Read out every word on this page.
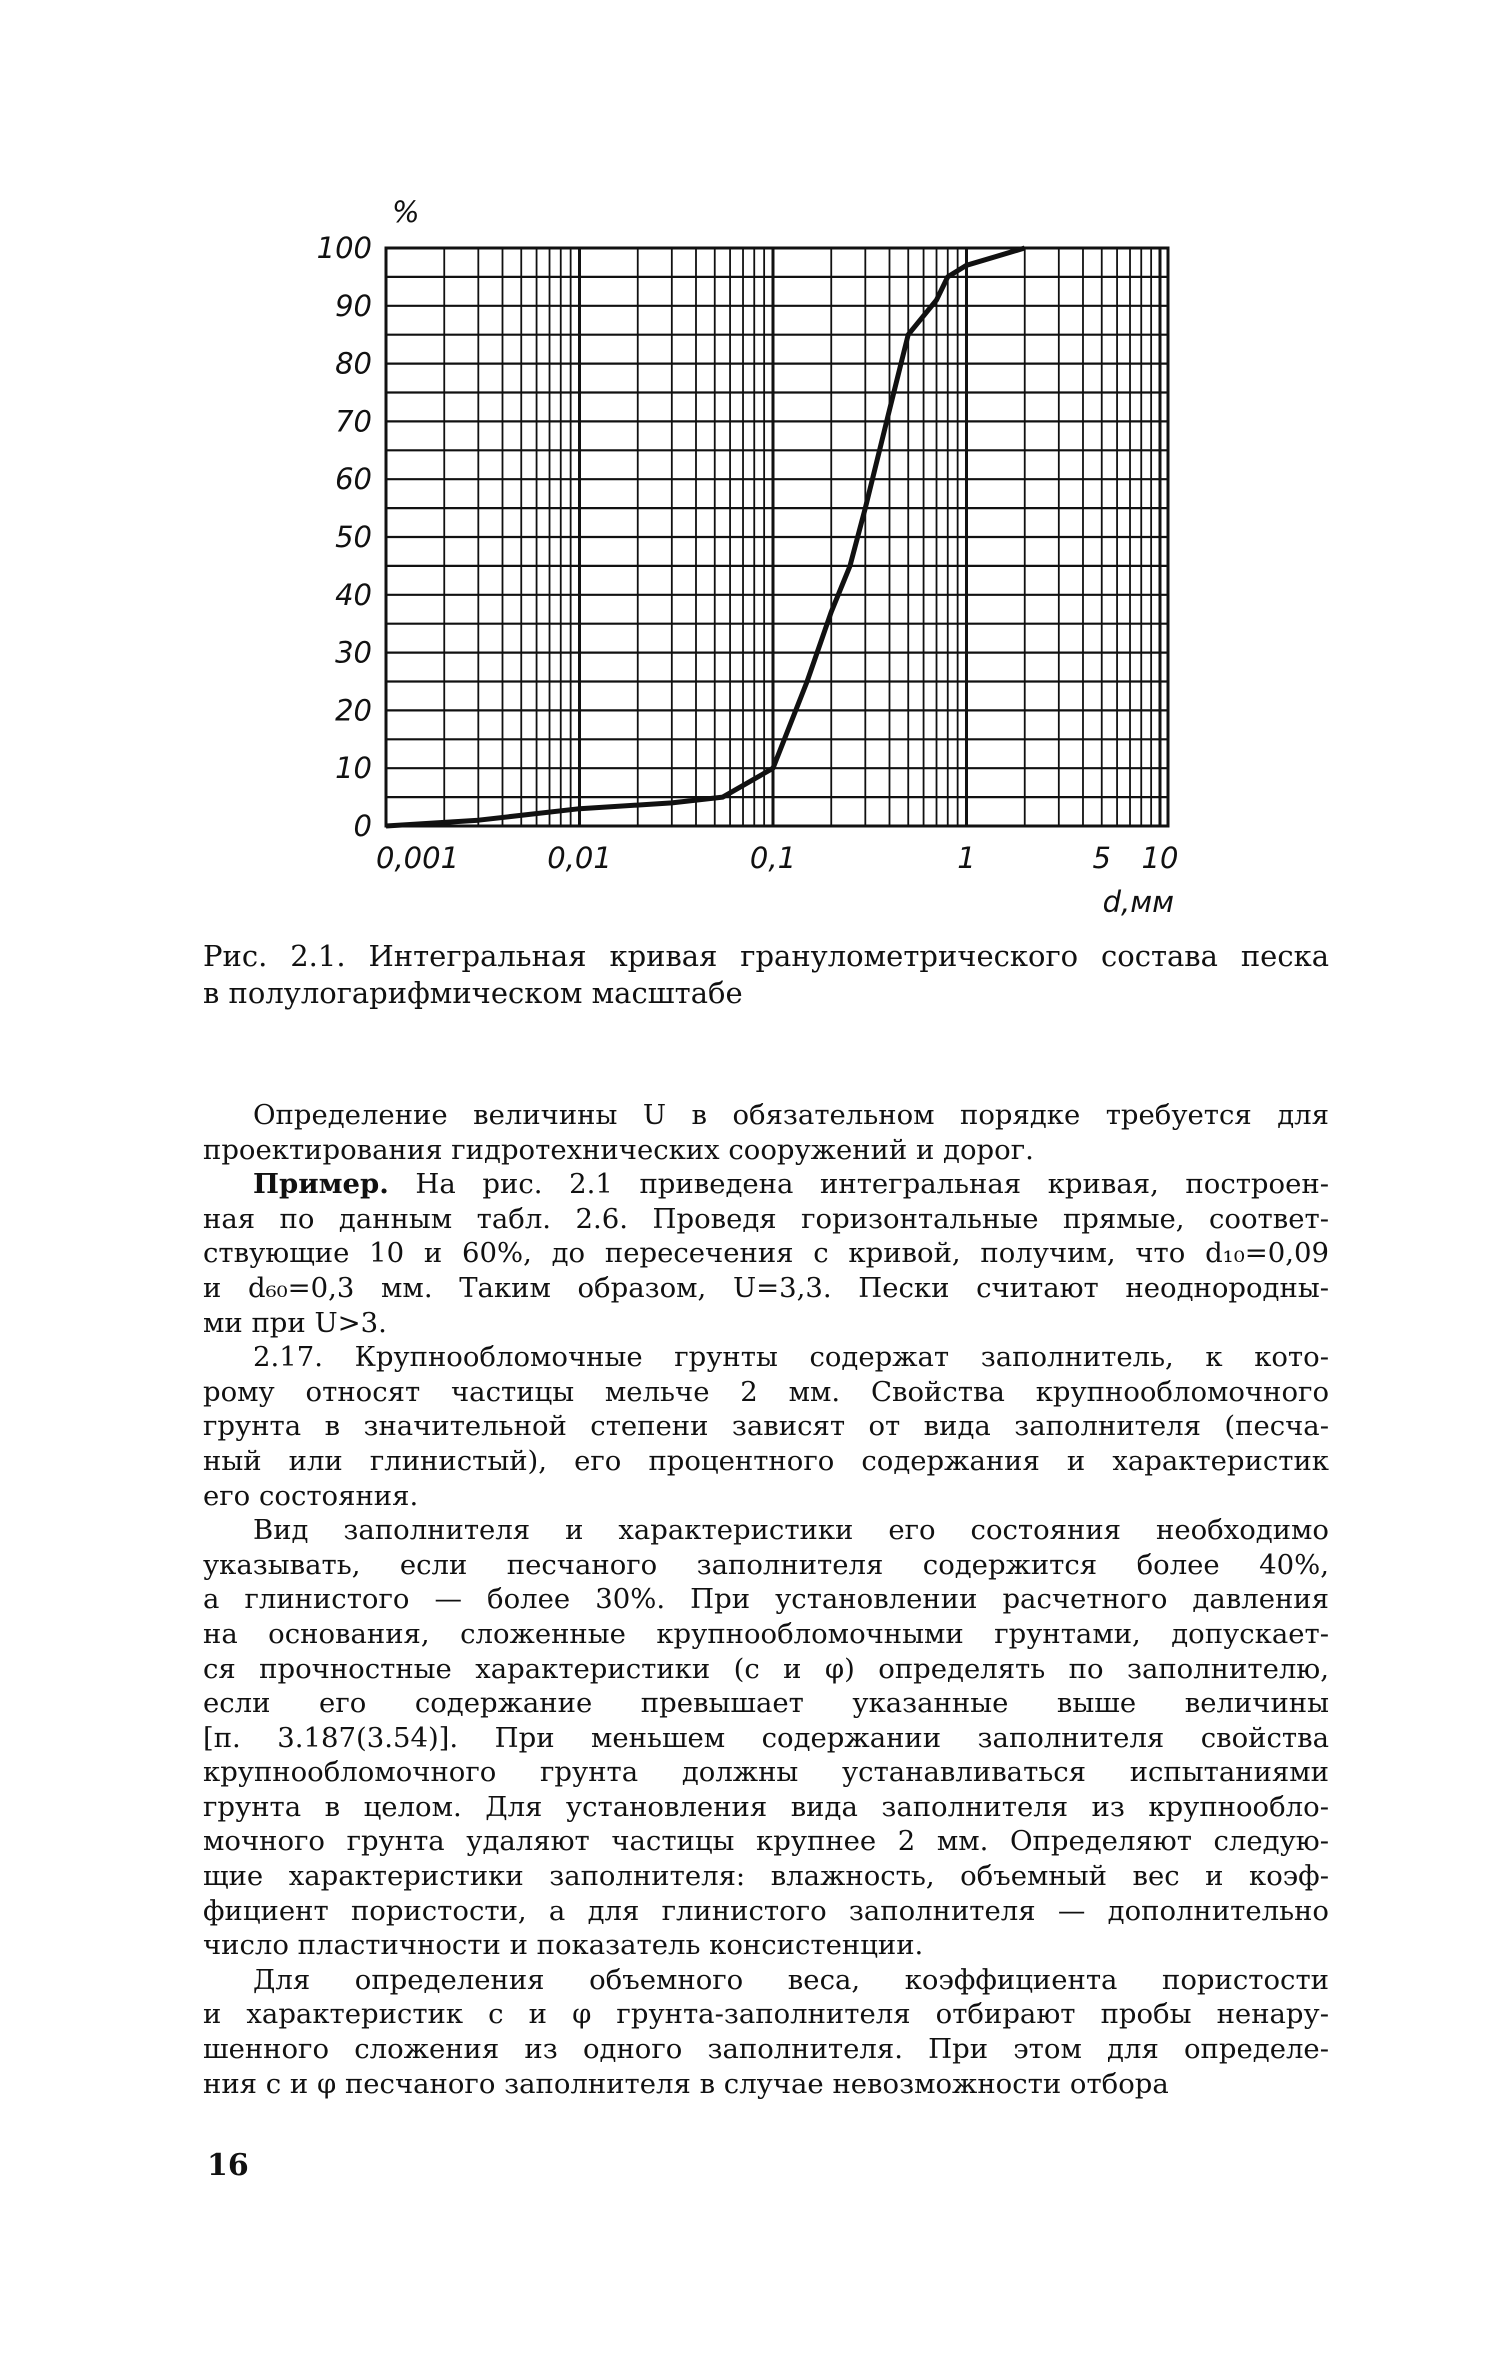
0
10
20
30
40
50
60
70
80
90
100
0,001	0,01	0,1	1	5 10
%
d,мм
Рис. 2.1. Интегральная кривая гранулометрического состава песка
в полулогарифмическом масштабе
Определение величины U в обязательном порядке требуется для
проектирования гидротехнических сооружений и дорог.
Пример. На рис. 2.1 приведена интегральная кривая, построен-
ная по данным табл. 2.6. Проведя горизонтальные прямые, соответ-
ствующие 10 и 60%, до пересечения с кривой, получим, что d₁₀=0,09
и d₆₀=0,3 мм. Таким образом, U=3,3. Пески считают неоднородны-
ми при U>3.
2.17. Крупнообломочные грунты содержат заполнитель, к кото-
рому относят частицы мельче 2 мм. Свойства крупнообломочного
грунта в значительной степени зависят от вида заполнителя (песча-
ный или глинистый), его процентного содержания и характеристик
его состояния.
Вид заполнителя и характеристики его состояния необходимо
указывать, если песчаного заполнителя содержится более 40%,
а глинистого — более 30%. При установлении расчетного давления
на основания, сложенные крупнообломочными грунтами, допускает-
ся прочностные характеристики (c и φ) определять по заполнителю,
если его содержание превышает указанные выше величины
[п. 3.187(3.54)]. При меньшем содержании заполнителя свойства
крупнообломочного грунта должны устанавливаться испытаниями
грунта в целом. Для установления вида заполнителя из крупнообло-
мочного грунта удаляют частицы крупнее 2 мм. Определяют следую-
щие характеристики заполнителя: влажность, объемный вес и коэф-
фициент пористости, а для глинистого заполнителя — дополнительно
число пластичности и показатель консистенции.
Для определения объемного веса, коэффициента пористости
и характеристик c и φ грунта-заполнителя отбирают пробы ненару-
шенного сложения из одного заполнителя. При этом для определе-
ния c и φ песчаного заполнителя в случае невозможности отбора
16
